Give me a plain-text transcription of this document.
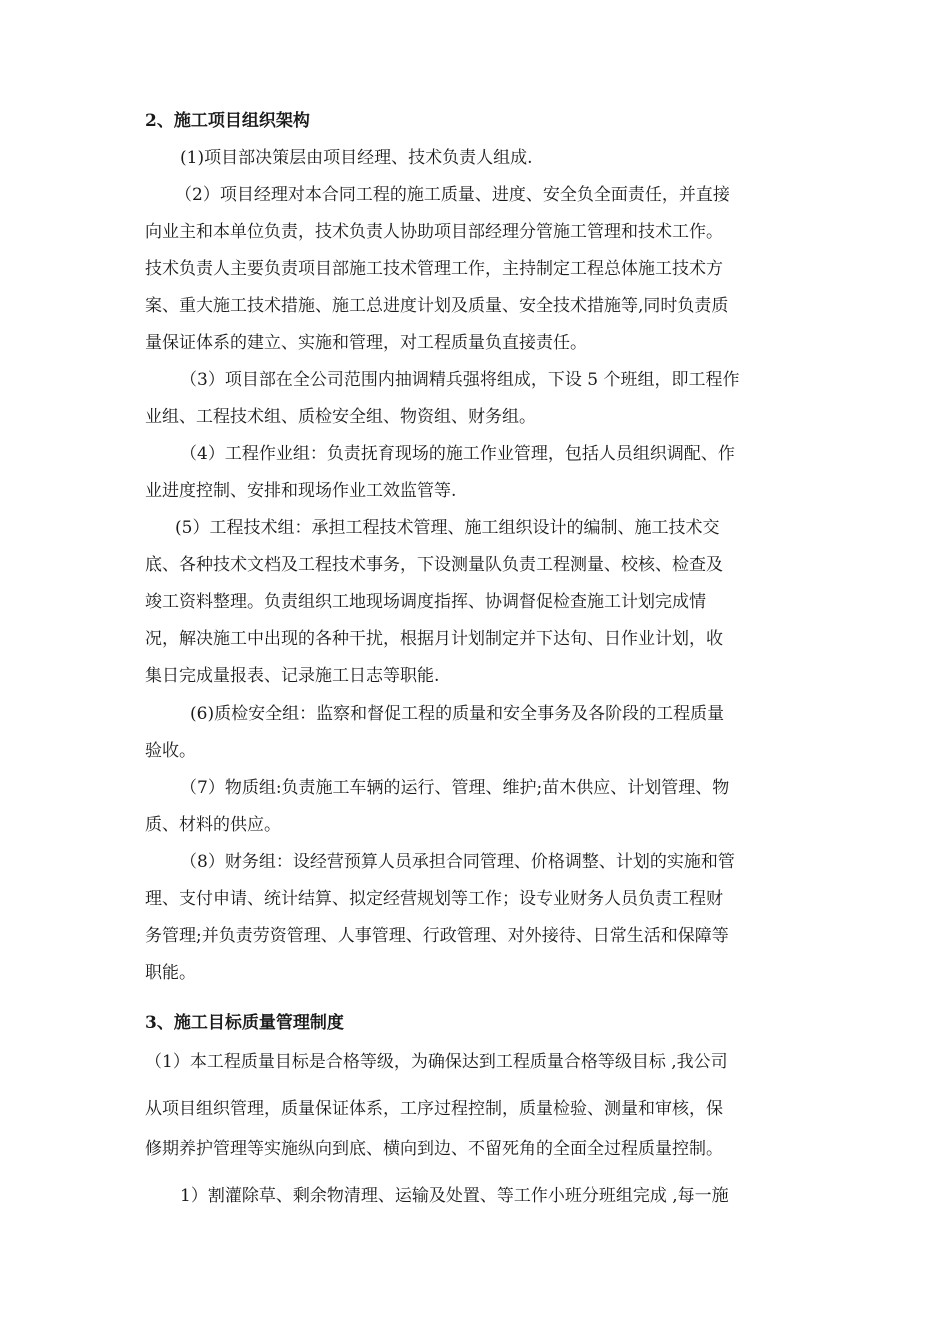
2、施工项目组织架构
(1)项目部决策层由项目经理、技术负责人组成.
（2）项目经理对本合同工程的施工质量、进度、安全负全面责任，并直接
向业主和本单位负责，技术负责人协助项目部经理分管施工管理和技术工作。
技术负责人主要负责项目部施工技术管理工作，主持制定工程总体施工技术方
案、重大施工技术措施、施工总进度计划及质量、安全技术措施等,同时负责质
量保证体系的建立、实施和管理，对工程质量负直接责任。
（3）项目部在全公司范围内抽调精兵强将组成，下设 5 个班组，即工程作
业组、工程技术组、质检安全组、物资组、财务组。
（4）工程作业组：负责抚育现场的施工作业管理，包括人员组织调配、作
业进度控制、安排和现场作业工效监管等.
(5）工程技术组：承担工程技术管理、施工组织设计的编制、施工技术交
底、各种技术文档及工程技术事务，下设测量队负责工程测量、校核、检查及
竣工资料整理。负责组织工地现场调度指挥、协调督促检查施工计划完成情
况，解决施工中出现的各种干扰，根据月计划制定并下达旬、日作业计划，收
集日完成量报表、记录施工日志等职能.
(6)质检安全组：监察和督促工程的质量和安全事务及各阶段的工程质量
验收。
（7）物质组:负责施工车辆的运行、管理、维护;苗木供应、计划管理、物
质、材料的供应。
（8）财务组：设经营预算人员承担合同管理、价格调整、计划的实施和管
理、支付申请、统计结算、拟定经营规划等工作；设专业财务人员负责工程财
务管理;并负责劳资管理、人事管理、行政管理、对外接待、日常生活和保障等
职能。
3、施工目标质量管理制度
（1）本工程质量目标是合格等级，为确保达到工程质量合格等级目标 ,我公司
从项目组织管理，质量保证体系，工序过程控制，质量检验、测量和审核，保
修期养护管理等实施纵向到底、横向到边、不留死角的全面全过程质量控制。
1）割灌除草、剩余物清理、运输及处置、等工作小班分班组完成 ,每一施
